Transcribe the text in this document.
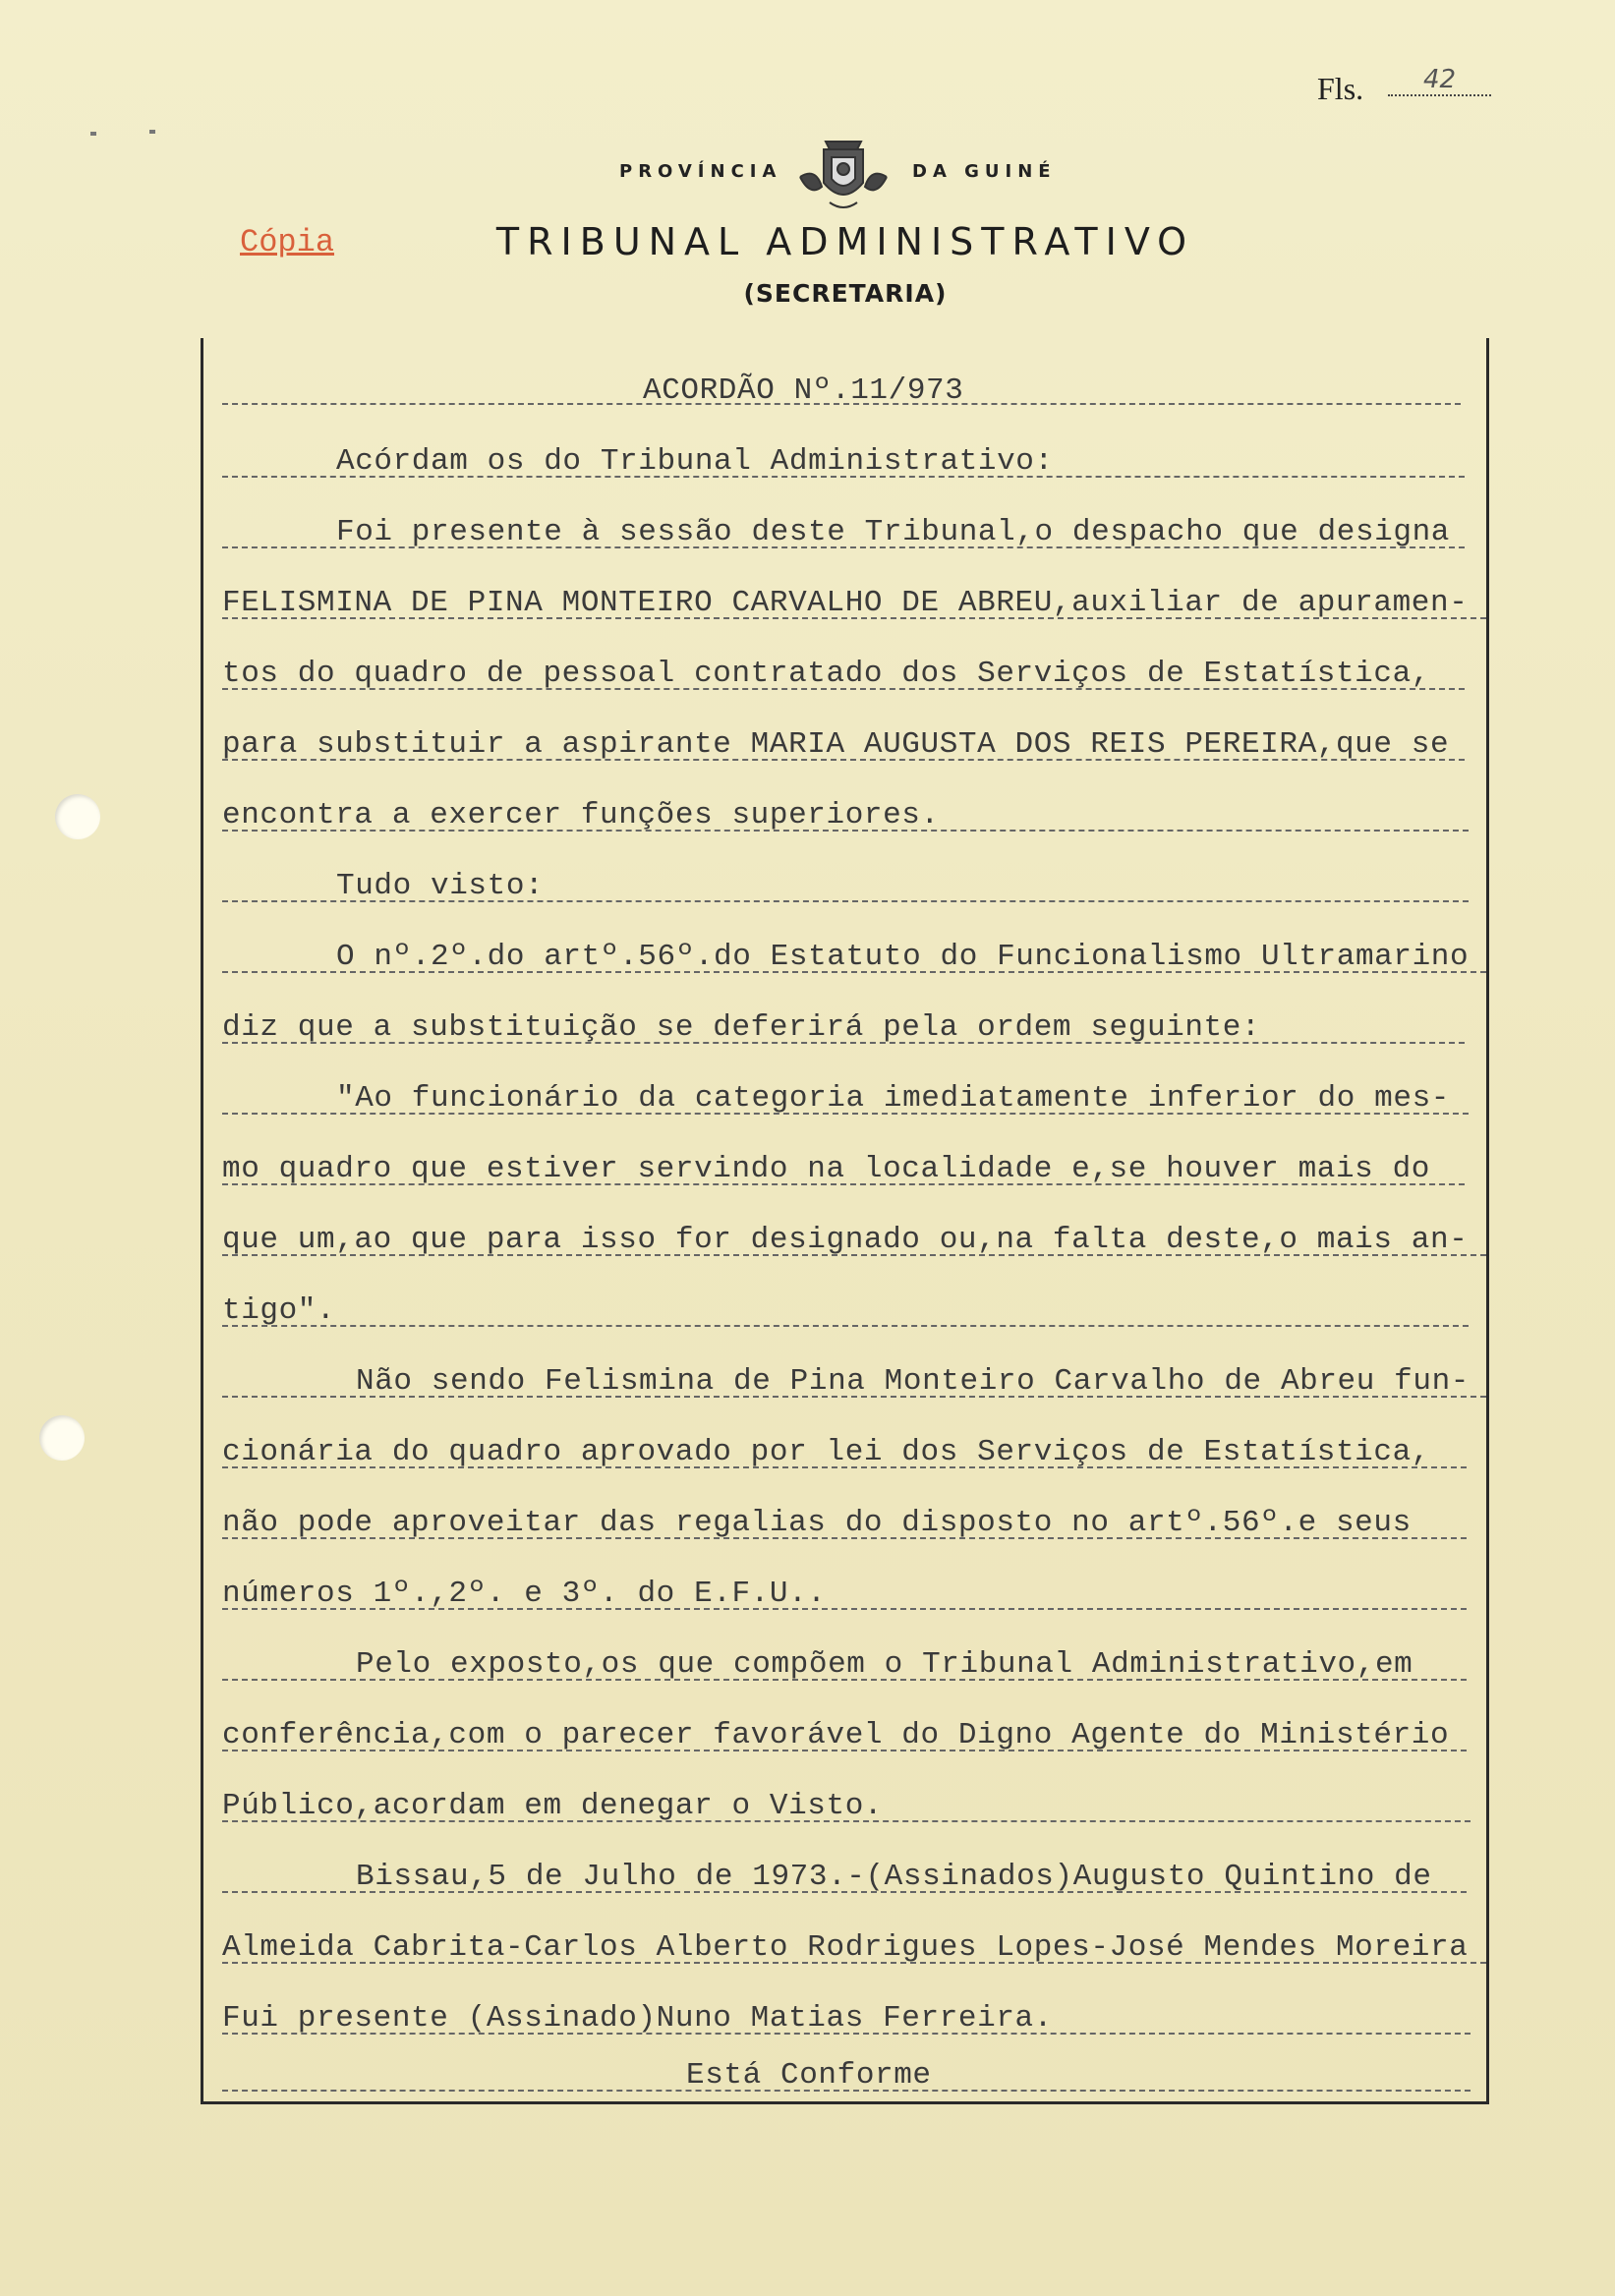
Fls.	42
Cópia
PROVÍNCIA	DA GUINÉ
TRIBUNAL ADMINISTRATIVO
(SECRETARIA)
ACORDÃO Nº.11/973
Acórdam os do Tribunal Administrativo:
Foi presente à sessão deste Tribunal,o despacho que designa
FELISMINA DE PINA MONTEIRO CARVALHO DE ABREU,auxiliar de apuramen-
tos do quadro de pessoal contratado dos Serviços de Estatística,
para substituir a aspirante MARIA AUGUSTA DOS REIS PEREIRA,que se
encontra a exercer funções superiores.
Tudo visto:
O nº.2º.do artº.56º.do Estatuto do Funcionalismo Ultramarino
diz que a substituição se deferirá pela ordem seguinte:
"Ao funcionário da categoria imediatamente inferior do mes-
mo quadro que estiver servindo na localidade e,se houver mais do
que um,ao que para isso for designado ou,na falta deste,o mais an-
tigo".
Não sendo Felismina de Pina Monteiro Carvalho de Abreu fun-
cionária do quadro aprovado por lei dos Serviços de Estatística,
não pode aproveitar das regalias do disposto no artº.56º.e seus
números 1º.,2º. e 3º. do E.F.U..
Pelo exposto,os que compõem o Tribunal Administrativo,em
conferência,com o parecer favorável do Digno Agente do Ministério
Público,acordam em denegar o Visto.
Bissau,5 de Julho de 1973.-(Assinados)Augusto Quintino de
Almeida Cabrita-Carlos Alberto Rodrigues Lopes-José Mendes Moreira
Fui presente (Assinado)Nuno Matias Ferreira.
Está Conforme
